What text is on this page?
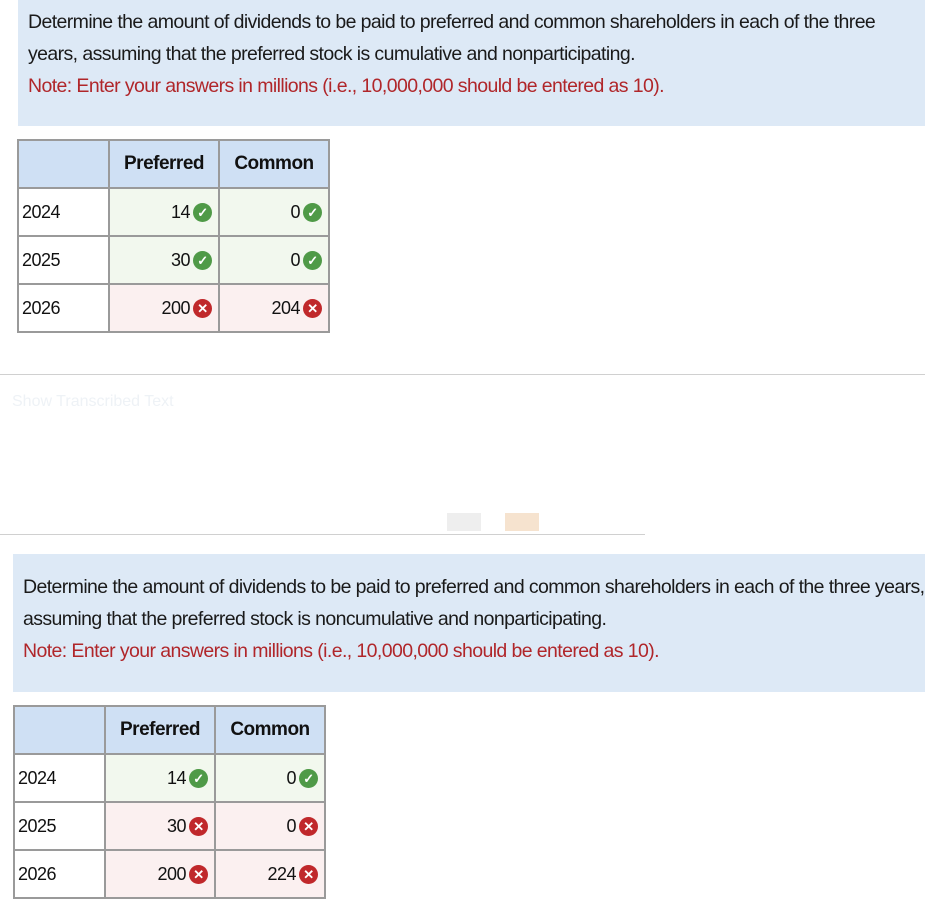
Determine the amount of dividends to be paid to preferred and common shareholders in each of the three years, assuming that the preferred stock is cumulative and nonparticipating.
Note: Enter your answers in millions (i.e., 10,000,000 should be entered as 10).
	Preferred	Common
2024	14 ✓	0 ✓
2025	30 ✓	0 ✓
2026	200 ✕	204 ✕
Show Transcribed Text
Determine the amount of dividends to be paid to preferred and common shareholders in each of the three years, assuming that the preferred stock is noncumulative and nonparticipating.
Note: Enter your answers in millions (i.e., 10,000,000 should be entered as 10).
	Preferred	Common
2024	14 ✓	0 ✓
2025	30 ✕	0 ✕
2026	200 ✕	224 ✕
